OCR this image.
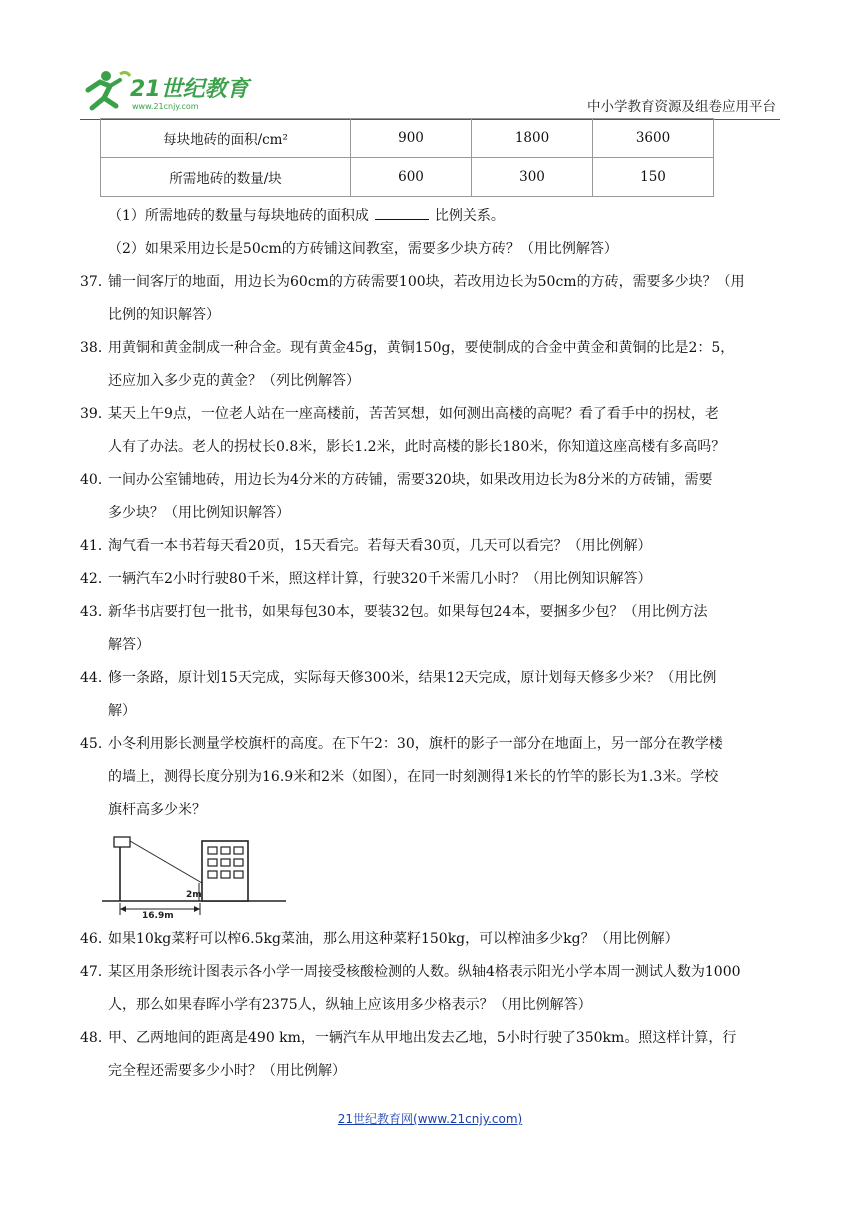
21世纪教育
www.21cnjy.com	中小学教育资源及组卷应用平台
每块地砖的面积/cm²	900	1800	3600
所需地砖的数量/块	600	300	150
（1）所需地砖的数量与每块地砖的面积成	比例关系。
（2）如果采用边长是50cm的方砖铺这间教室，需要多少块方砖？（用比例解答）
37．铺一间客厅的地面，用边长为60cm的方砖需要100块，若改用边长为50cm的方砖，需要多少块？（用
比例的知识解答）
38．用黄铜和黄金制成一种合金。现有黄金45g，黄铜150g，要使制成的合金中黄金和黄铜的比是2：5，
还应加入多少克的黄金？（列比例解答）
39．某天上午9点，一位老人站在一座高楼前，苦苦冥想，如何测出高楼的高呢？看了看手中的拐杖，老
人有了办法。老人的拐杖长0.8米，影长1.2米，此时高楼的影长180米，你知道这座高楼有多高吗？
40．一间办公室铺地砖，用边长为4分米的方砖铺，需要320块，如果改用边长为8分米的方砖铺，需要
多少块？（用比例知识解答）
41．淘气看一本书若每天看20页，15天看完。若每天看30页，几天可以看完？（用比例解）
42．一辆汽车2小时行驶80千米，照这样计算，行驶320千米需几小时？（用比例知识解答）
43．新华书店要打包一批书，如果每包30本，要装32包。如果每包24本，要捆多少包？（用比例方法
解答）
44．修一条路，原计划15天完成，实际每天修300米，结果12天完成，原计划每天修多少米？（用比例
解）
45．小冬利用影长测量学校旗杆的高度。在下午2：30，旗杆的影子一部分在地面上，另一部分在教学楼
的墙上，测得长度分别为16.9米和2米（如图），在同一时刻测得1米长的竹竿的影长为1.3米。学校
旗杆高多少米？
2m
16.9m
46．如果10kg菜籽可以榨6.5kg菜油，那么用这种菜籽150kg，可以榨油多少kg？（用比例解）
47．某区用条形统计图表示各小学一周接受核酸检测的人数。纵轴4格表示阳光小学本周一测试人数为1000
人，那么如果春晖小学有2375人，纵轴上应该用多少格表示？（用比例解答）
48．甲、乙两地间的距离是490 km，一辆汽车从甲地出发去乙地，5小时行驶了350km。照这样计算，行
完全程还需要多少小时？（用比例解）
21世纪教育网(www.21cnjy.com)
